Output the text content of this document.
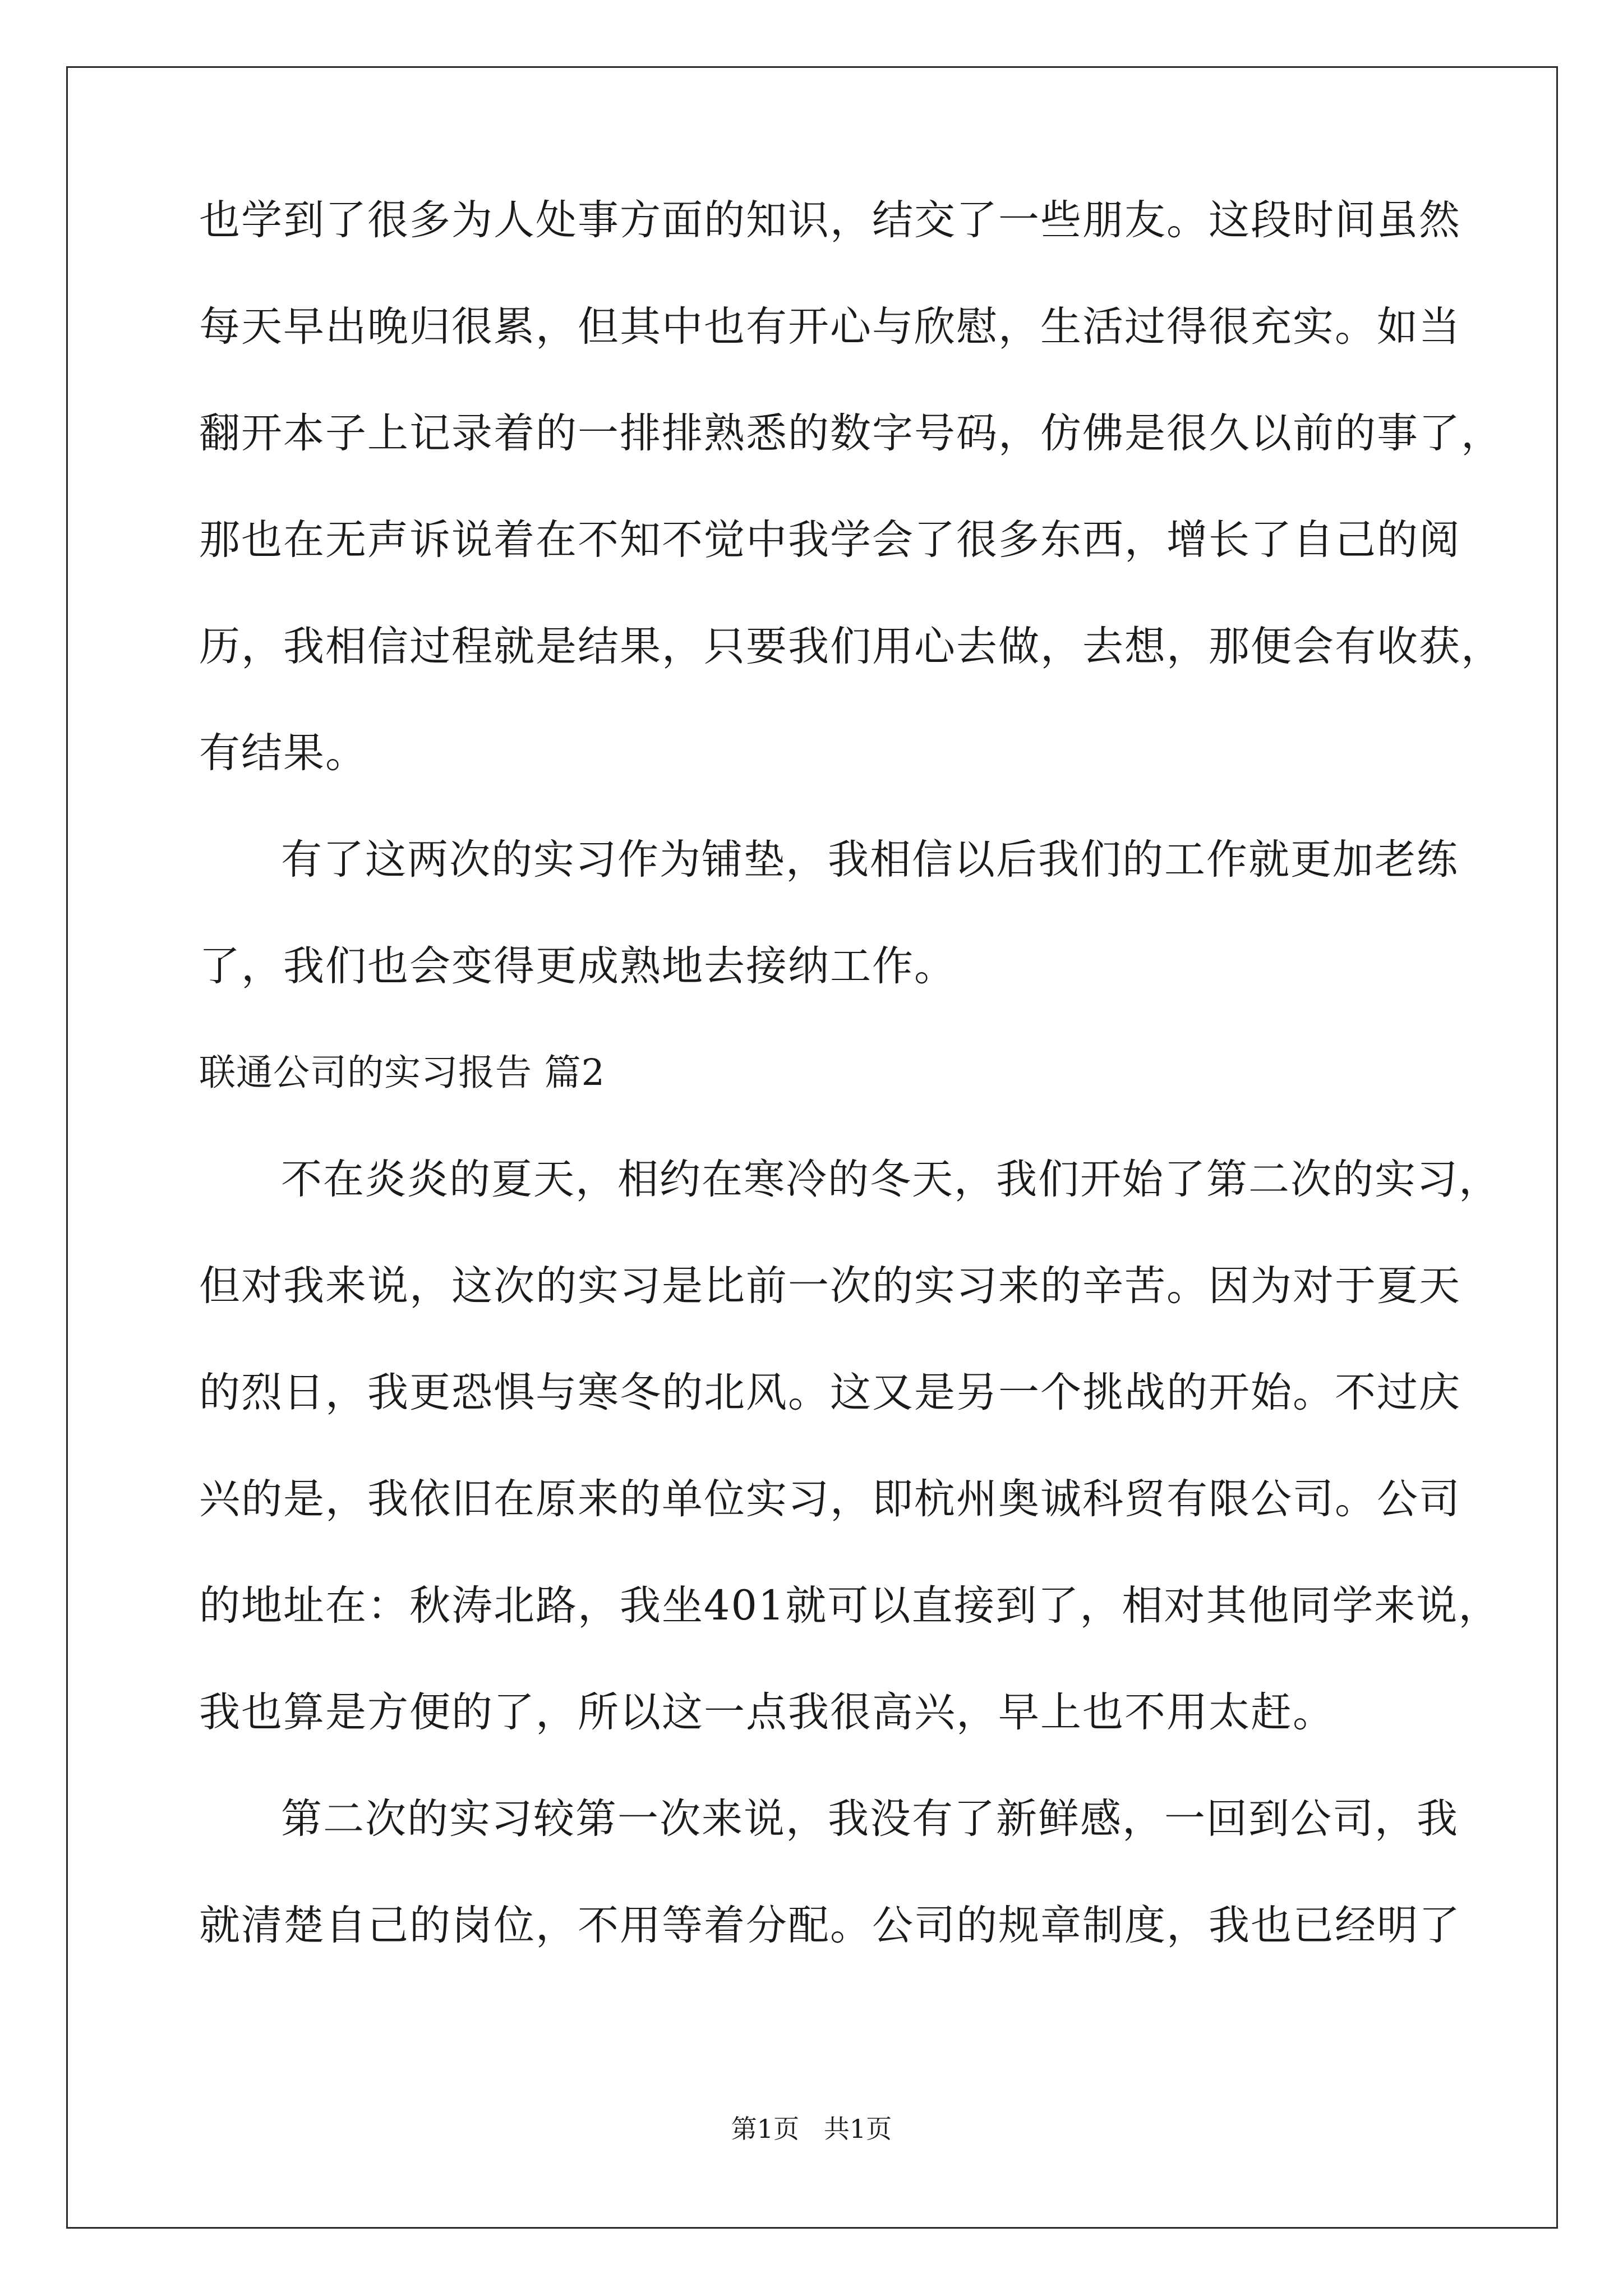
也学到了很多为人处事方面的知识，结交了一些朋友。这段时间虽然
每天早出晚归很累，但其中也有开心与欣慰，生活过得很充实。如当
翻开本子上记录着的一排排熟悉的数字号码，仿佛是很久以前的事了，
那也在无声诉说着在不知不觉中我学会了很多东西，增长了自己的阅
历，我相信过程就是结果，只要我们用心去做，去想，那便会有收获，
有结果。
有了这两次的实习作为铺垫，我相信以后我们的工作就更加老练
了，我们也会变得更成熟地去接纳工作。
联通公司的实习报告 篇2
不在炎炎的夏天，相约在寒冷的冬天，我们开始了第二次的实习，
但对我来说，这次的实习是比前一次的实习来的辛苦。因为对于夏天
的烈日，我更恐惧与寒冬的北风。这又是另一个挑战的开始。不过庆
兴的是，我依旧在原来的单位实习，即杭州奥诚科贸有限公司。公司
的地址在：秋涛北路，我坐401就可以直接到了，相对其他同学来说，
我也算是方便的了，所以这一点我很高兴，早上也不用太赶。
第二次的实习较第一次来说，我没有了新鲜感，一回到公司，我
就清楚自己的岗位，不用等着分配。公司的规章制度，我也已经明了
第1页   共1页
